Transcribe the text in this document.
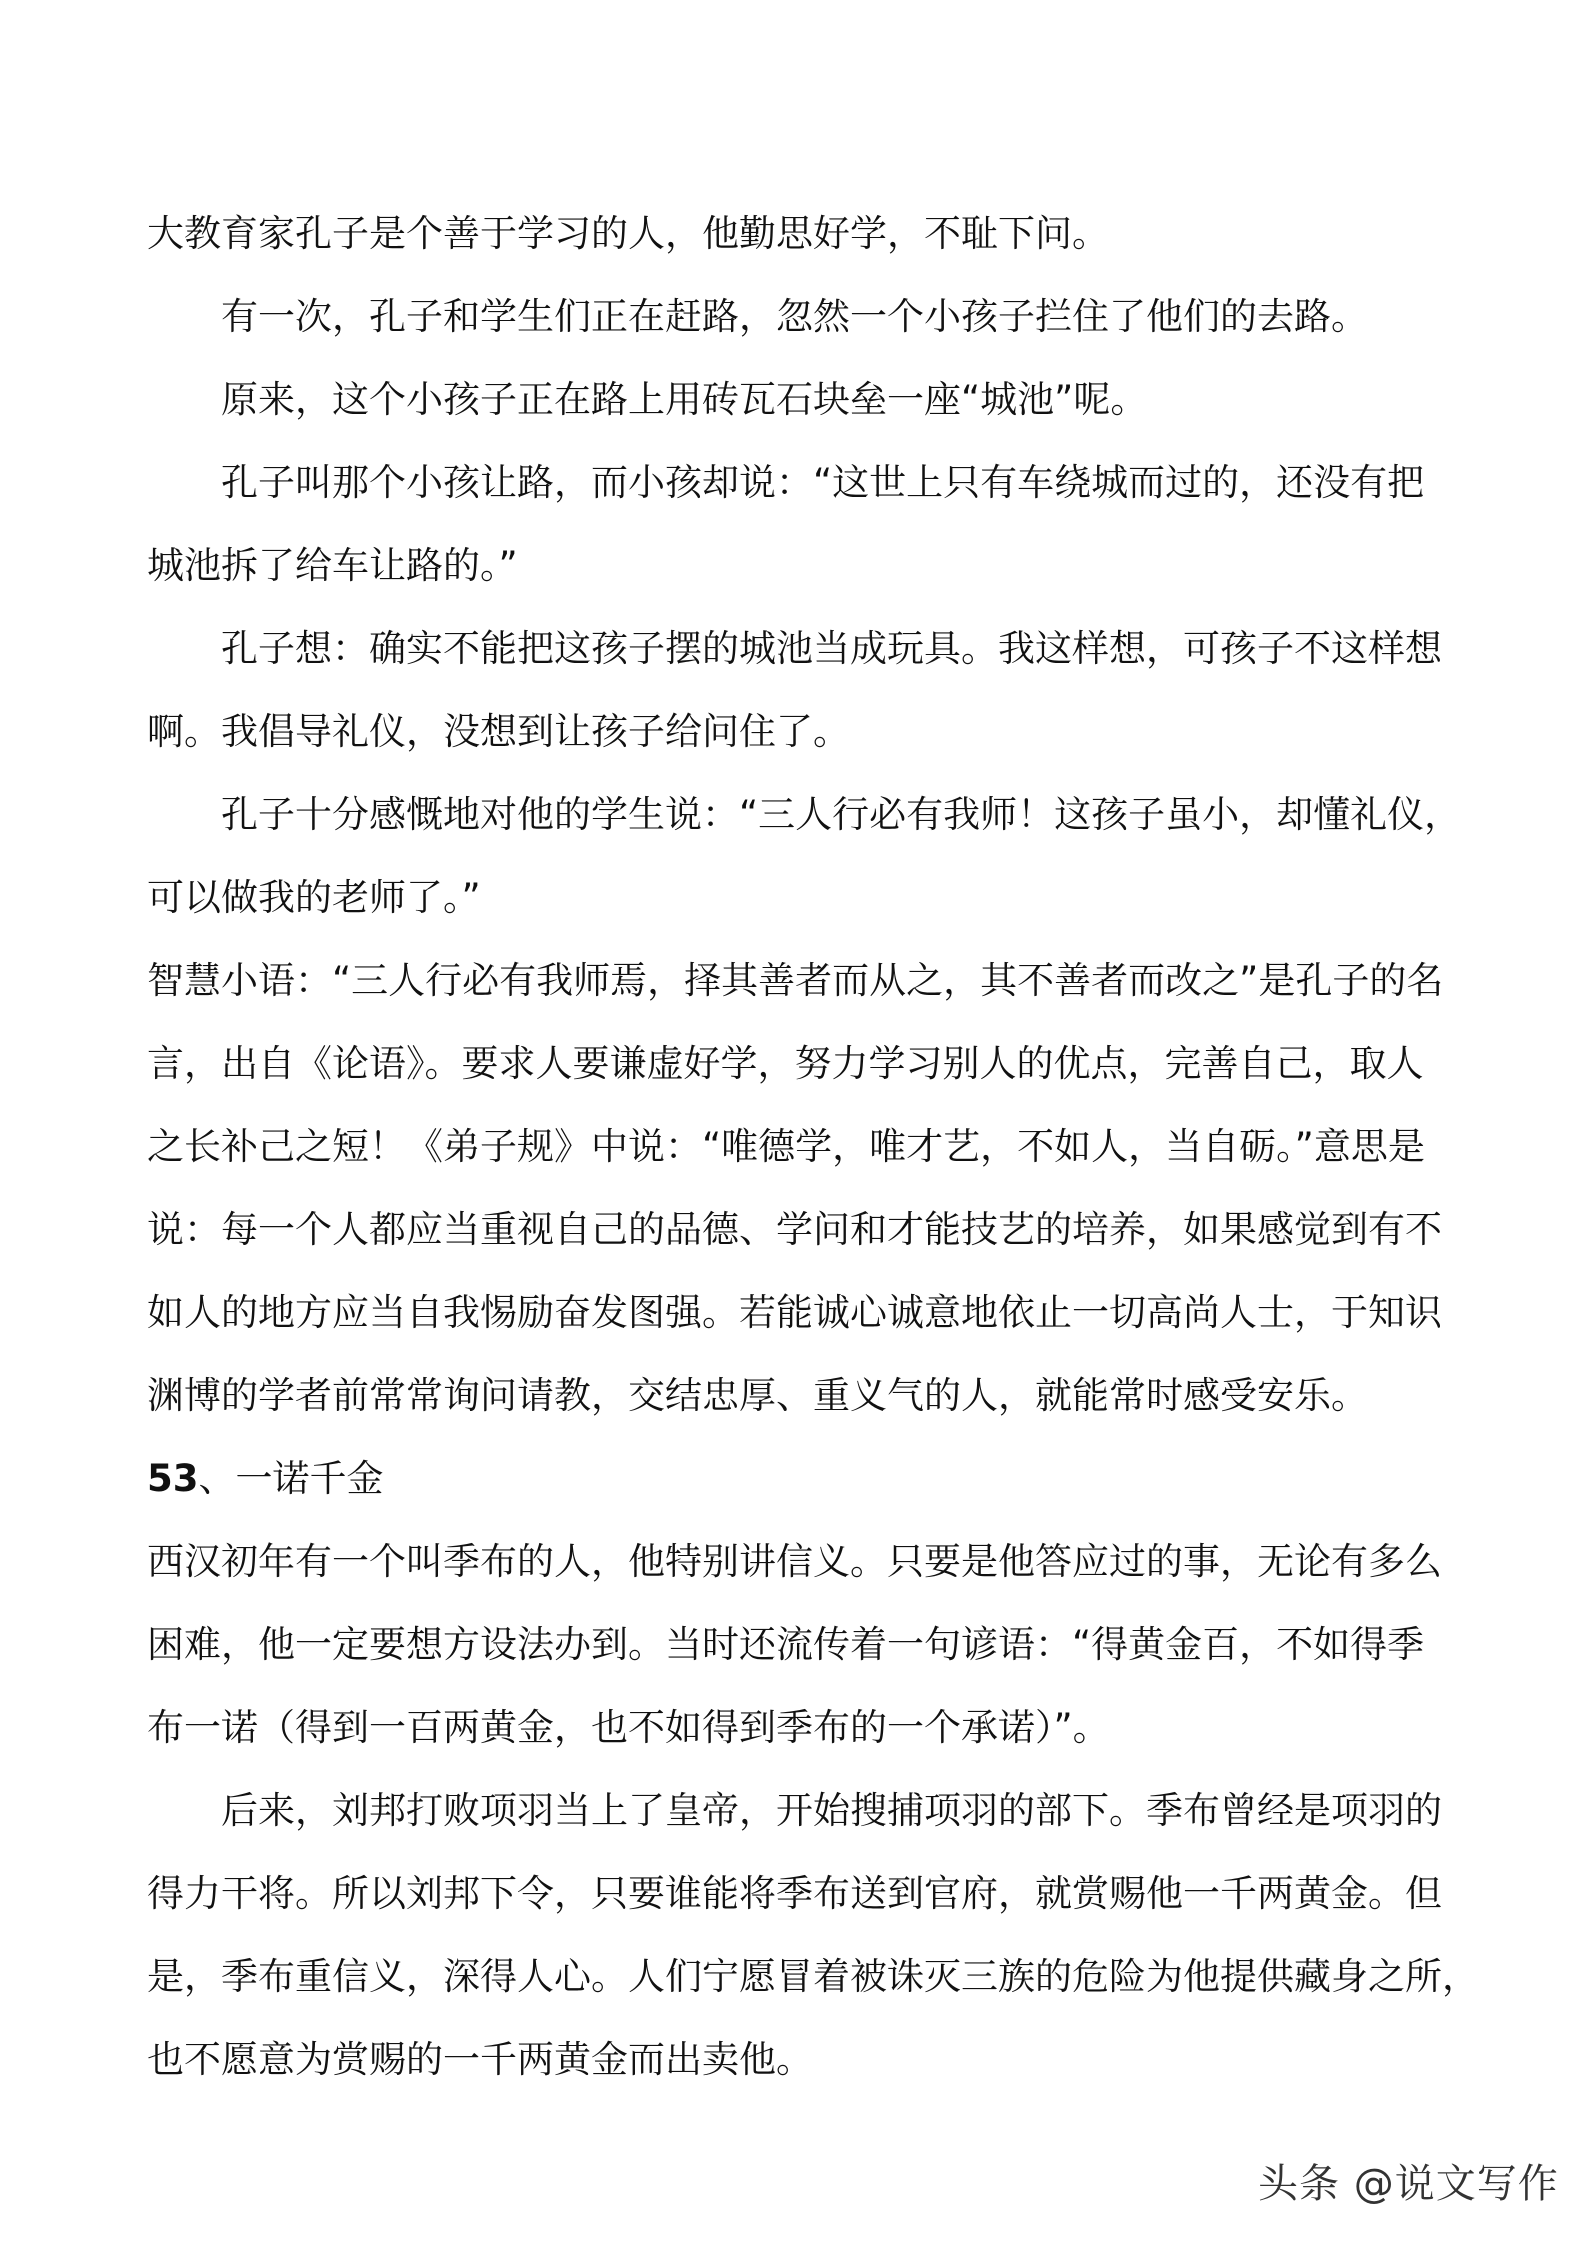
大教育家孔子是个善于学习的人，他勤思好学，不耻下问。
有一次，孔子和学生们正在赶路，忽然一个小孩子拦住了他们的去路。
原来，这个小孩子正在路上用砖瓦石块垒一座“城池”呢。
孔子叫那个小孩让路，而小孩却说：“这世上只有车绕城而过的，还没有把
城池拆了给车让路的。”
孔子想：确实不能把这孩子摆的城池当成玩具。我这样想，可孩子不这样想
啊。我倡导礼仪，没想到让孩子给问住了。
孔子十分感慨地对他的学生说：“三人行必有我师！这孩子虽小，却懂礼仪，
可以做我的老师了。”
智慧小语：“三人行必有我师焉，择其善者而从之，其不善者而改之”是孔子的名
言，出自《论语》。要求人要谦虚好学，努力学习别人的优点，完善自己，取人
之长补己之短！《弟子规》中说：“唯德学，唯才艺，不如人，当自砺。”意思是
说：每一个人都应当重视自己的品德、学问和才能技艺的培养，如果感觉到有不
如人的地方应当自我惕励奋发图强。若能诚心诚意地依止一切高尚人士，于知识
渊博的学者前常常询问请教，交结忠厚、重义气的人，就能常时感受安乐。
53、一诺千金
西汉初年有一个叫季布的人，他特别讲信义。只要是他答应过的事，无论有多么
困难，他一定要想方设法办到。当时还流传着一句谚语：“得黄金百，不如得季
布一诺（得到一百两黄金，也不如得到季布的一个承诺）”。
后来，刘邦打败项羽当上了皇帝，开始搜捕项羽的部下。季布曾经是项羽的
得力干将。所以刘邦下令，只要谁能将季布送到官府，就赏赐他一千两黄金。但
是，季布重信义，深得人心。人们宁愿冒着被诛灭三族的危险为他提供藏身之所，
也不愿意为赏赐的一千两黄金而出卖他。
头条 @说文写作
